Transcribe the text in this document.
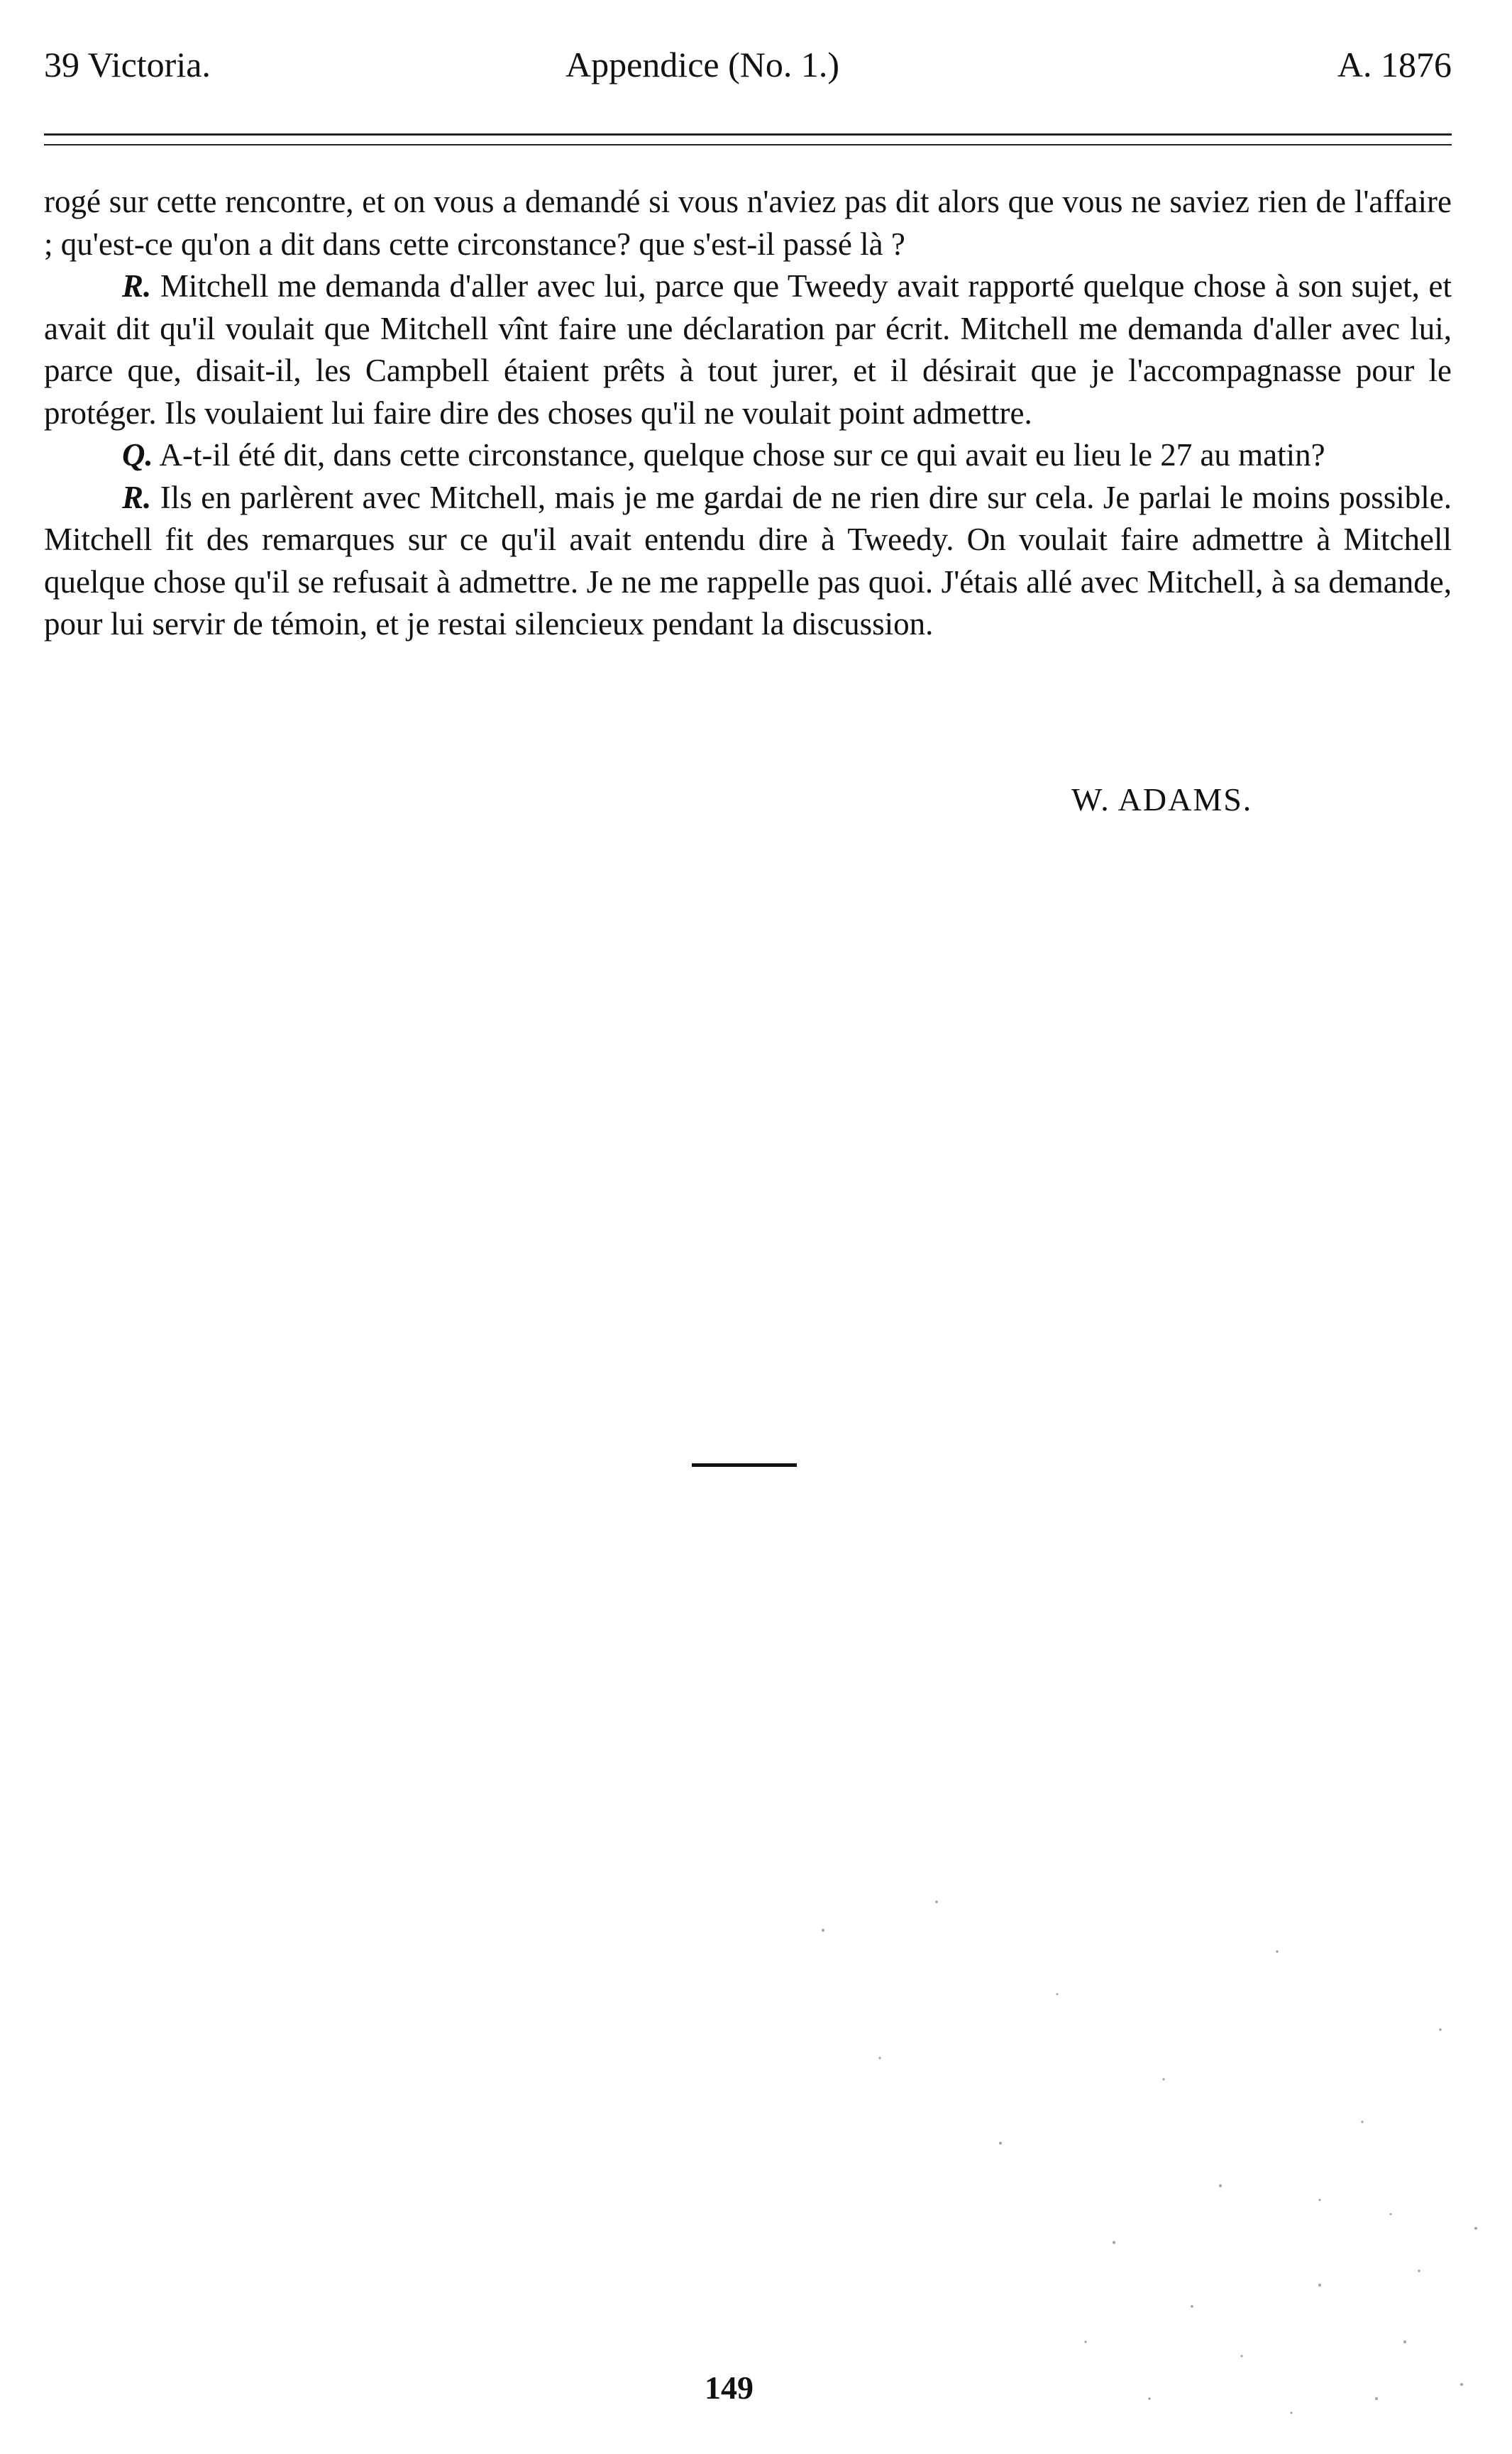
39 Victoria.	Appendice (No. 1.)	A. 1876

rogé sur cette rencontre, et on vous a demandé si vous n'aviez pas dit alors que vous ne saviez rien de l'affaire ; qu'est-ce qu'on a dit dans cette circonstance? que s'est-il passé là ?

R. Mitchell me demanda d'aller avec lui, parce que Tweedy avait rapporté quelque chose à son sujet, et avait dit qu'il voulait que Mitchell vînt faire une déclaration par écrit. Mitchell me demanda d'aller avec lui, parce que, disait-il, les Campbell étaient prêts à tout jurer, et il désirait que je l'accompagnasse pour le protéger. Ils voulaient lui faire dire des choses qu'il ne voulait point admettre.

Q. A-t-il été dit, dans cette circonstance, quelque chose sur ce qui avait eu lieu le 27 au matin?

R. Ils en parlèrent avec Mitchell, mais je me gardai de ne rien dire sur cela. Je parlai le moins possible. Mitchell fit des remarques sur ce qu'il avait entendu dire à Tweedy. On voulait faire admettre à Mitchell quelque chose qu'il se refusait à admettre. Je ne me rappelle pas quoi. J'étais allé avec Mitchell, à sa demande, pour lui servir de témoin, et je restai silencieux pendant la discussion.

W. ADAMS.
149
